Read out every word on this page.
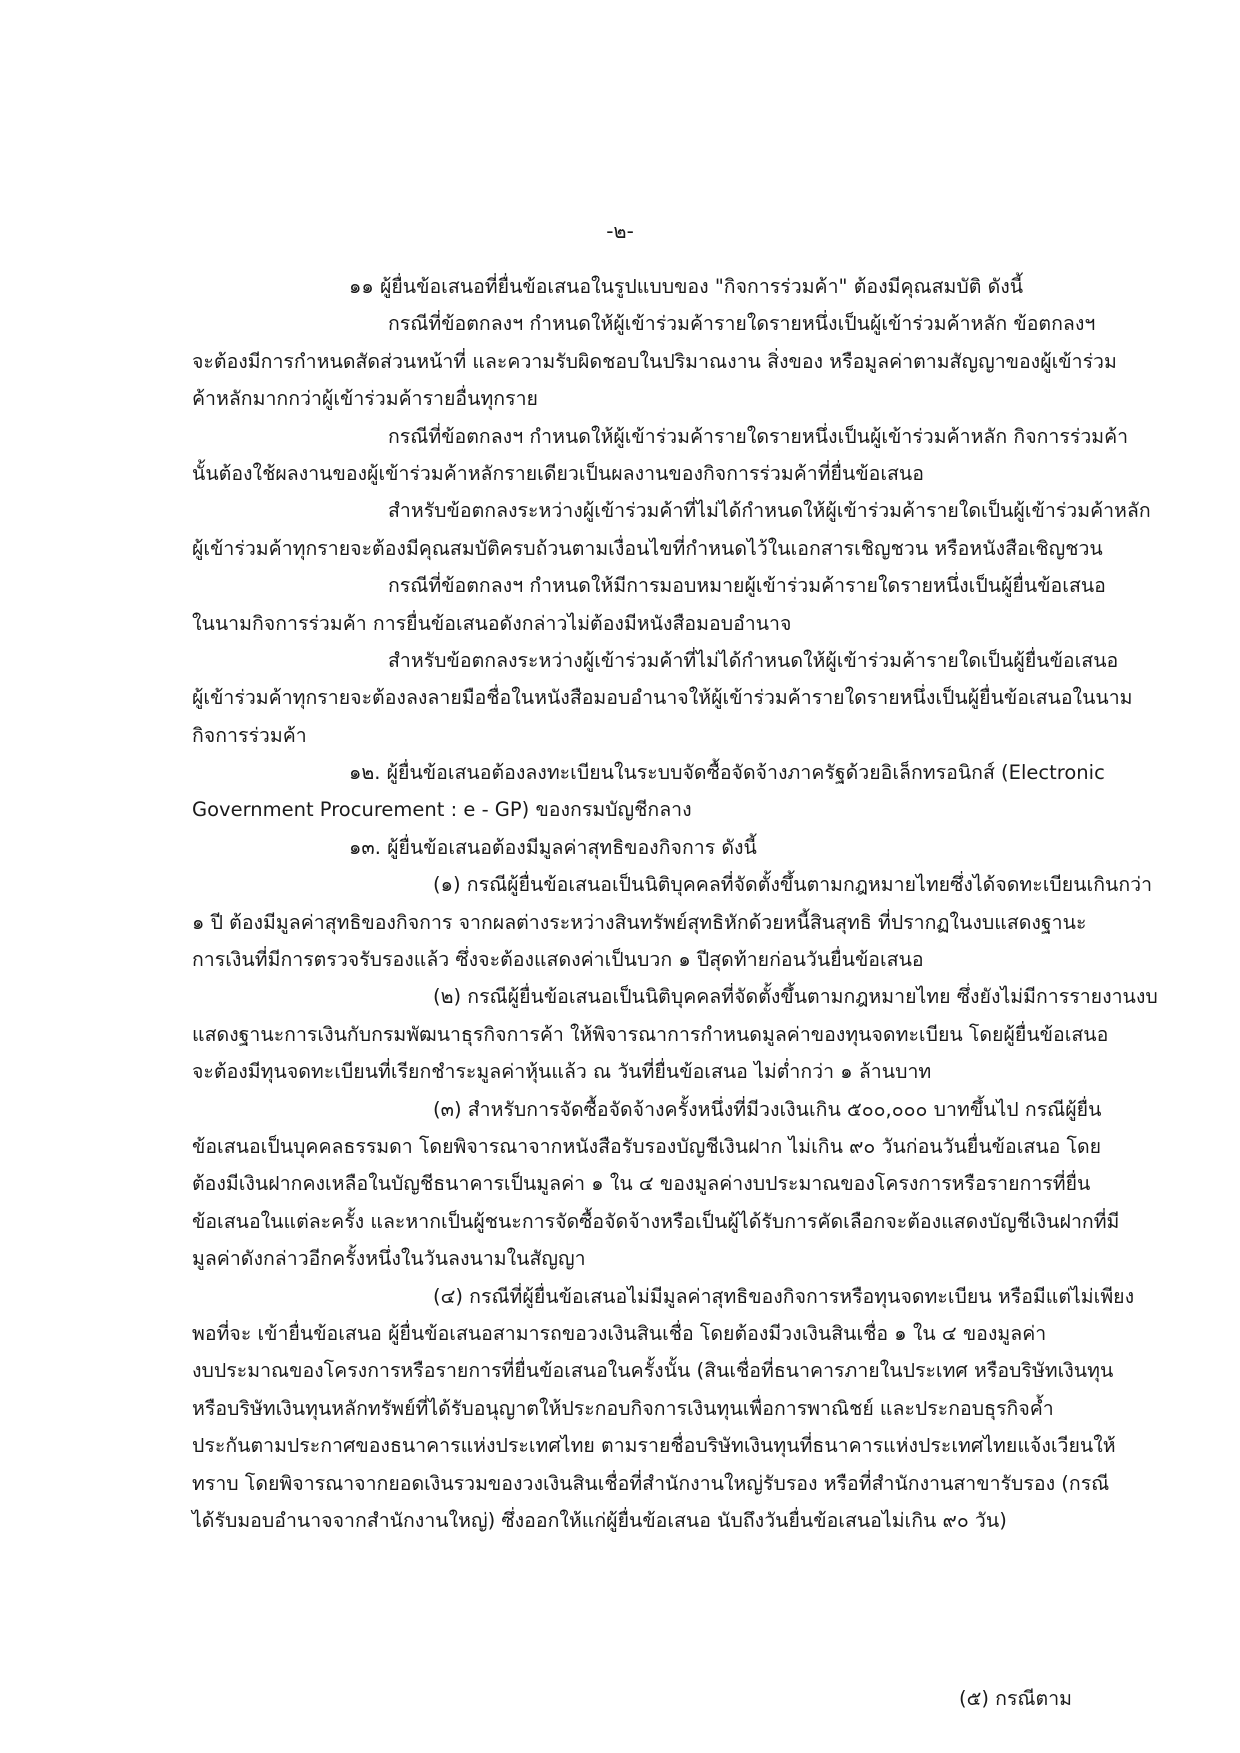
-๒-
๑๑ ผู้ยื่นข้อเสนอที่ยื่นข้อเสนอในรูปแบบของ "กิจการร่วมค้า" ต้องมีคุณสมบัติ ดังนี้
กรณีที่ข้อตกลงฯ กำหนดให้ผู้เข้าร่วมค้ารายใดรายหนึ่งเป็นผู้เข้าร่วมค้าหลัก ข้อตกลงฯ
จะต้องมีการกำหนดสัดส่วนหน้าที่ และความรับผิดชอบในปริมาณงาน สิ่งของ หรือมูลค่าตามสัญญาของผู้เข้าร่วม
ค้าหลักมากกว่าผู้เข้าร่วมค้ารายอื่นทุกราย
กรณีที่ข้อตกลงฯ กำหนดให้ผู้เข้าร่วมค้ารายใดรายหนึ่งเป็นผู้เข้าร่วมค้าหลัก กิจการร่วมค้า
นั้นต้องใช้ผลงานของผู้เข้าร่วมค้าหลักรายเดียวเป็นผลงานของกิจการร่วมค้าที่ยื่นข้อเสนอ
สำหรับข้อตกลงระหว่างผู้เข้าร่วมค้าที่ไม่ได้กำหนดให้ผู้เข้าร่วมค้ารายใดเป็นผู้เข้าร่วมค้าหลัก
ผู้เข้าร่วมค้าทุกรายจะต้องมีคุณสมบัติครบถ้วนตามเงื่อนไขที่กำหนดไว้ในเอกสารเชิญชวน หรือหนังสือเชิญชวน
กรณีที่ข้อตกลงฯ กำหนดให้มีการมอบหมายผู้เข้าร่วมค้ารายใดรายหนึ่งเป็นผู้ยื่นข้อเสนอ
ในนามกิจการร่วมค้า การยื่นข้อเสนอดังกล่าวไม่ต้องมีหนังสือมอบอำนาจ
สำหรับข้อตกลงระหว่างผู้เข้าร่วมค้าที่ไม่ได้กำหนดให้ผู้เข้าร่วมค้ารายใดเป็นผู้ยื่นข้อเสนอ
ผู้เข้าร่วมค้าทุกรายจะต้องลงลายมือชื่อในหนังสือมอบอำนาจให้ผู้เข้าร่วมค้ารายใดรายหนึ่งเป็นผู้ยื่นข้อเสนอในนาม
กิจการร่วมค้า
๑๒. ผู้ยื่นข้อเสนอต้องลงทะเบียนในระบบจัดซื้อจัดจ้างภาครัฐด้วยอิเล็กทรอนิกส์ (Electronic
Government Procurement : e - GP) ของกรมบัญชีกลาง
๑๓. ผู้ยื่นข้อเสนอต้องมีมูลค่าสุทธิของกิจการ ดังนี้
(๑) กรณีผู้ยื่นข้อเสนอเป็นนิติบุคคลที่จัดตั้งขึ้นตามกฎหมายไทยซึ่งได้จดทะเบียนเกินกว่า
๑ ปี ต้องมีมูลค่าสุทธิของกิจการ จากผลต่างระหว่างสินทรัพย์สุทธิหักด้วยหนี้สินสุทธิ ที่ปรากฏในงบแสดงฐานะ
การเงินที่มีการตรวจรับรองแล้ว ซึ่งจะต้องแสดงค่าเป็นบวก ๑ ปีสุดท้ายก่อนวันยื่นข้อเสนอ
(๒) กรณีผู้ยื่นข้อเสนอเป็นนิติบุคคลที่จัดตั้งขึ้นตามกฎหมายไทย ซึ่งยังไม่มีการรายงานงบ
แสดงฐานะการเงินกับกรมพัฒนาธุรกิจการค้า ให้พิจารณาการกำหนดมูลค่าของทุนจดทะเบียน โดยผู้ยื่นข้อเสนอ
จะต้องมีทุนจดทะเบียนที่เรียกชำระมูลค่าหุ้นแล้ว ณ วันที่ยื่นข้อเสนอ ไม่ต่ำกว่า ๑ ล้านบาท
(๓) สำหรับการจัดซื้อจัดจ้างครั้งหนึ่งที่มีวงเงินเกิน ๕๐๐,๐๐๐ บาทขึ้นไป กรณีผู้ยื่น
ข้อเสนอเป็นบุคคลธรรมดา โดยพิจารณาจากหนังสือรับรองบัญชีเงินฝาก ไม่เกิน ๙๐ วันก่อนวันยื่นข้อเสนอ โดย
ต้องมีเงินฝากคงเหลือในบัญชีธนาคารเป็นมูลค่า ๑ ใน ๔ ของมูลค่างบประมาณของโครงการหรือรายการที่ยื่น
ข้อเสนอในแต่ละครั้ง และหากเป็นผู้ชนะการจัดซื้อจัดจ้างหรือเป็นผู้ได้รับการคัดเลือกจะต้องแสดงบัญชีเงินฝากที่มี
มูลค่าดังกล่าวอีกครั้งหนึ่งในวันลงนามในสัญญา
(๔) กรณีที่ผู้ยื่นข้อเสนอไม่มีมูลค่าสุทธิของกิจการหรือทุนจดทะเบียน หรือมีแต่ไม่เพียง
พอที่จะ เข้ายื่นข้อเสนอ ผู้ยื่นข้อเสนอสามารถขอวงเงินสินเชื่อ โดยต้องมีวงเงินสินเชื่อ ๑ ใน ๔ ของมูลค่า
งบประมาณของโครงการหรือรายการที่ยื่นข้อเสนอในครั้งนั้น (สินเชื่อที่ธนาคารภายในประเทศ หรือบริษัทเงินทุน
หรือบริษัทเงินทุนหลักทรัพย์ที่ได้รับอนุญาตให้ประกอบกิจการเงินทุนเพื่อการพาณิชย์ และประกอบธุรกิจค้ำ
ประกันตามประกาศของธนาคารแห่งประเทศไทย ตามรายชื่อบริษัทเงินทุนที่ธนาคารแห่งประเทศไทยแจ้งเวียนให้
ทราบ โดยพิจารณาจากยอดเงินรวมของวงเงินสินเชื่อที่สำนักงานใหญ่รับรอง หรือที่สำนักงานสาขารับรอง (กรณี
ได้รับมอบอำนาจจากสำนักงานใหญ่) ซึ่งออกให้แก่ผู้ยื่นข้อเสนอ นับถึงวันยื่นข้อเสนอไม่เกิน ๙๐ วัน)
(๕) กรณีตาม
